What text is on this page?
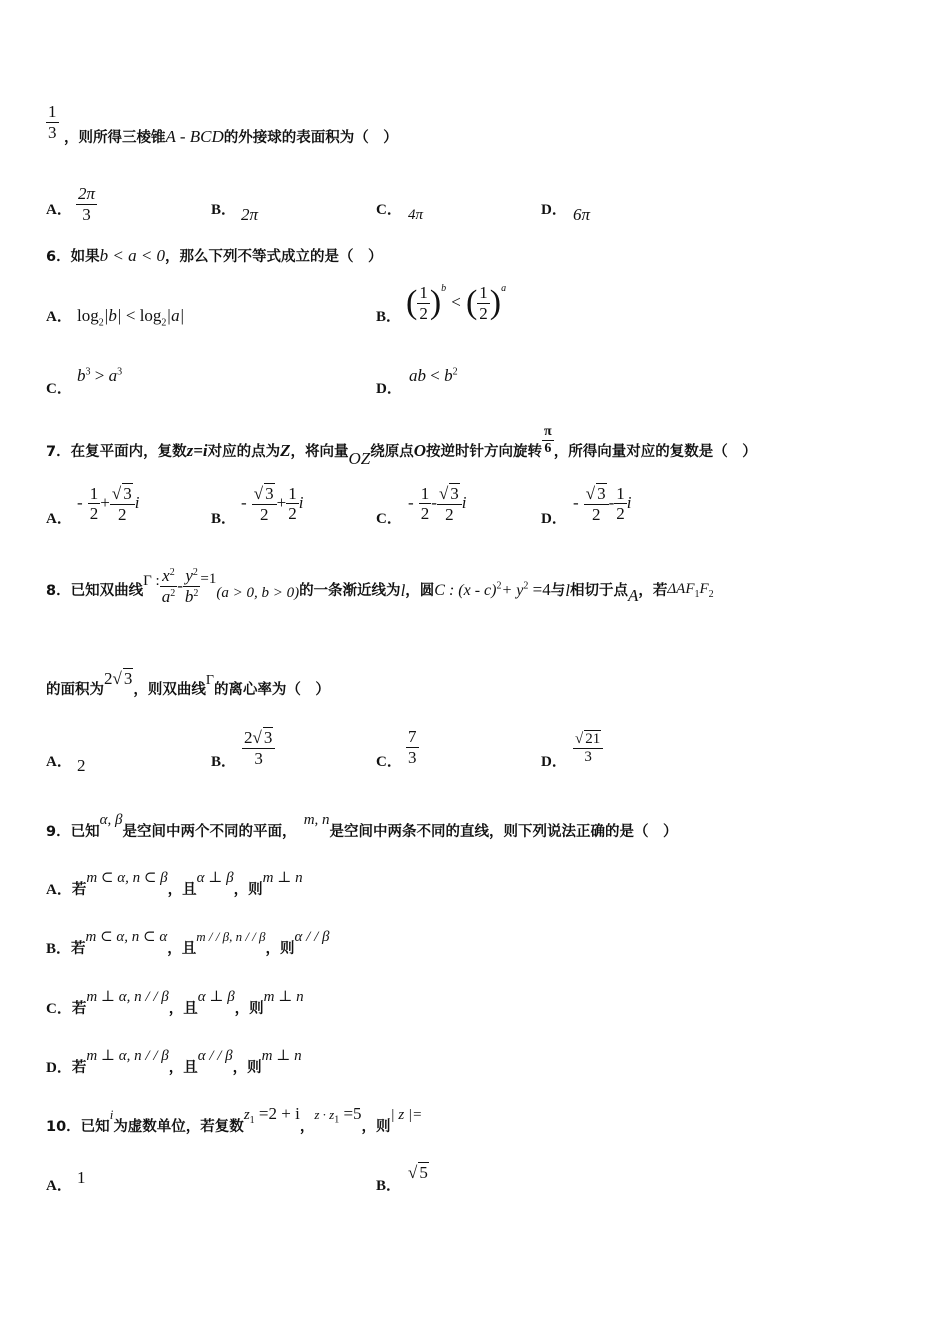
$\frac{1}{3}$ ，则所得三棱锥A - BCD的外接球的表面积为（　）
A． $\frac{2\pi}{3}$	B． 2π	C． 4π	D． 6π
6．如果b < a < 0，那么下列不等式成立的是（　）
A． $\log_2|b| < \log_2|a|$	B． ( $\frac{1}{2} )^b$ < ( $\frac{1}{2} )^a$
C．
$b^3 > a^3$
D．
ab < $b^2$
7．在复平面内，复数z=i对应的点为Z，将向量OZ绕原点O按逆时针方向旋转 $\frac{\pi}{6}$ ，所得向量对应的复数是（　）
A．
- $\frac{1}{2} + \frac{√ 3}{2}$ i
B．
- $\frac{√ 3}{2} + \frac{1}{2}$ i
C．
- $\frac{1}{2} - \frac{√ 3}{2}$ i
D．
- $\frac{√ 3}{2} - \frac{1}{2}$ i
8．已知双曲线Γ : $\frac{x^2}{a^2} - \frac{y^2}{b^2} =1(a > 0$, b > 0)的一条渐近线为l，圆C : $(x - c)^2+ y^2 =4$与l相切于点A，若$\Delta AF_1F_2$
的面积为2√ 3，则双曲线Γ的离心率为（　）
A． 2	B． $\frac{2√ 3}{3}$	C． $\frac{7}{3}$	D． $\frac{√ 21}{3}$
9．已知α, β是空间中两个不同的平面，　m, n是空间中两条不同的直线，则下列说法正确的是（　）
A．若m ⊂ α, n ⊂ β，且α ⊥ β，则m ⊥ n
B．若m ⊂ α, n ⊂ α，且m / / β, n / / β，则α / / β
C．若m ⊥ α, n / / β，且α ⊥ β，则m ⊥ n
D．若m ⊥ α, n / / β，且α / / β，则m ⊥ n
10．已知i为虚数单位，若复数$z_1 =2 + i$，$z \cdot z_1 =5$，则| z |=
A． 1	B．
√ 5
